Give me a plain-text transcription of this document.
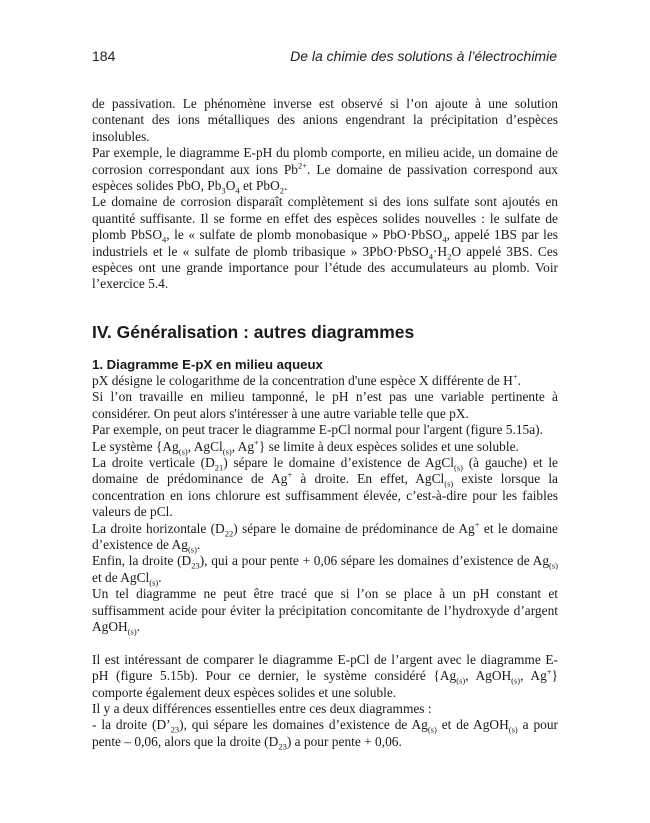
184	De la chimie des solutions à l’électrochimie

de passivation. Le phénomène inverse est observé si l’on ajoute à une solution contenant des ions métalliques des anions engendrant la précipitation d’espèces insolubles.

Par exemple, le diagramme E-pH du plomb comporte, en milieu acide, un domaine de corrosion correspondant aux ions $Pb^{2+}$. Le domaine de passivation correspond aux espèces solides PbO, $Pb_3O_4$ et PbO$_2$.

Le domaine de corrosion disparaît complètement si des ions sulfate sont ajoutés en quantité suffisante. Il se forme en effet des espèces solides nouvelles : le sulfate de plomb PbSO$_4$, le « sulfate de plomb monobasique » PbO·PbSO$_4$, appelé 1BS par les industriels et le « sulfate de plomb tribasique » $3PbO\cdot PbSO_4\cdot H_2O$ appelé 3BS. Ces espèces ont une grande importance pour l’étude des accumulateurs au plomb. Voir l’exercice 5.4.

IV. Généralisation : autres diagrammes
1. Diagramme E-pX en milieu aqueux

pX désigne le cologarithme de la concentration d'une espèce X différente de H+.

Si l’on travaille en milieu tamponné, le pH n’est pas une variable pertinente à considérer. On peut alors s'intéresser à une autre variable telle que pX.

Par exemple, on peut tracer le diagramme E-pCl normal pour l'argent (figure 5.15a).

Le système {$Ag_{(s)}$, AgCl$_{(s)}$, Ag+} se limite à deux espèces solides et une soluble.

La droite verticale $(D_{21})$ sépare le domaine d’existence de AgCl$_{(s)}$ (à gauche) et le domaine de prédominance de Ag+ à droite. En effet, AgCl$_{(s)}$ existe lorsque la concentration en ions chlorure est suffisamment élevée, c’est-à-dire pour les faibles valeurs de pCl.

La droite horizontale $(D_{22})$ sépare le domaine de prédominance de Ag+ et le domaine d’existence de $Ag_{(s)}$.

Enfin, la droite $(D_{23})$, qui a pour pente + 0,06 sépare les domaines d’existence de $Ag_{(s)}$ et de AgCl$_{(s)}$.

Un tel diagramme ne peut être tracé que si l’on se place à un pH constant et suffisamment acide pour éviter la précipitation concomitante de l’hydroxyde d’argent AgOH$_{(s)}$.

Il est intéressant de comparer le diagramme E-pCl de l’argent avec le diagramme E-pH (figure 5.15b). Pour ce dernier, le système considéré {$Ag_{(s)}$, AgOH$_{(s)}$, Ag+} comporte également deux espèces solides et une soluble.

Il y a deux différences essentielles entre ces deux diagrammes :

- la droite $(D’_{23})$, qui sépare les domaines d’existence de $Ag_{(s)}$ et de AgOH$_{(s)}$ a pour pente – 0,06, alors que la droite $(D_{23})$ a pour pente + 0,06.
